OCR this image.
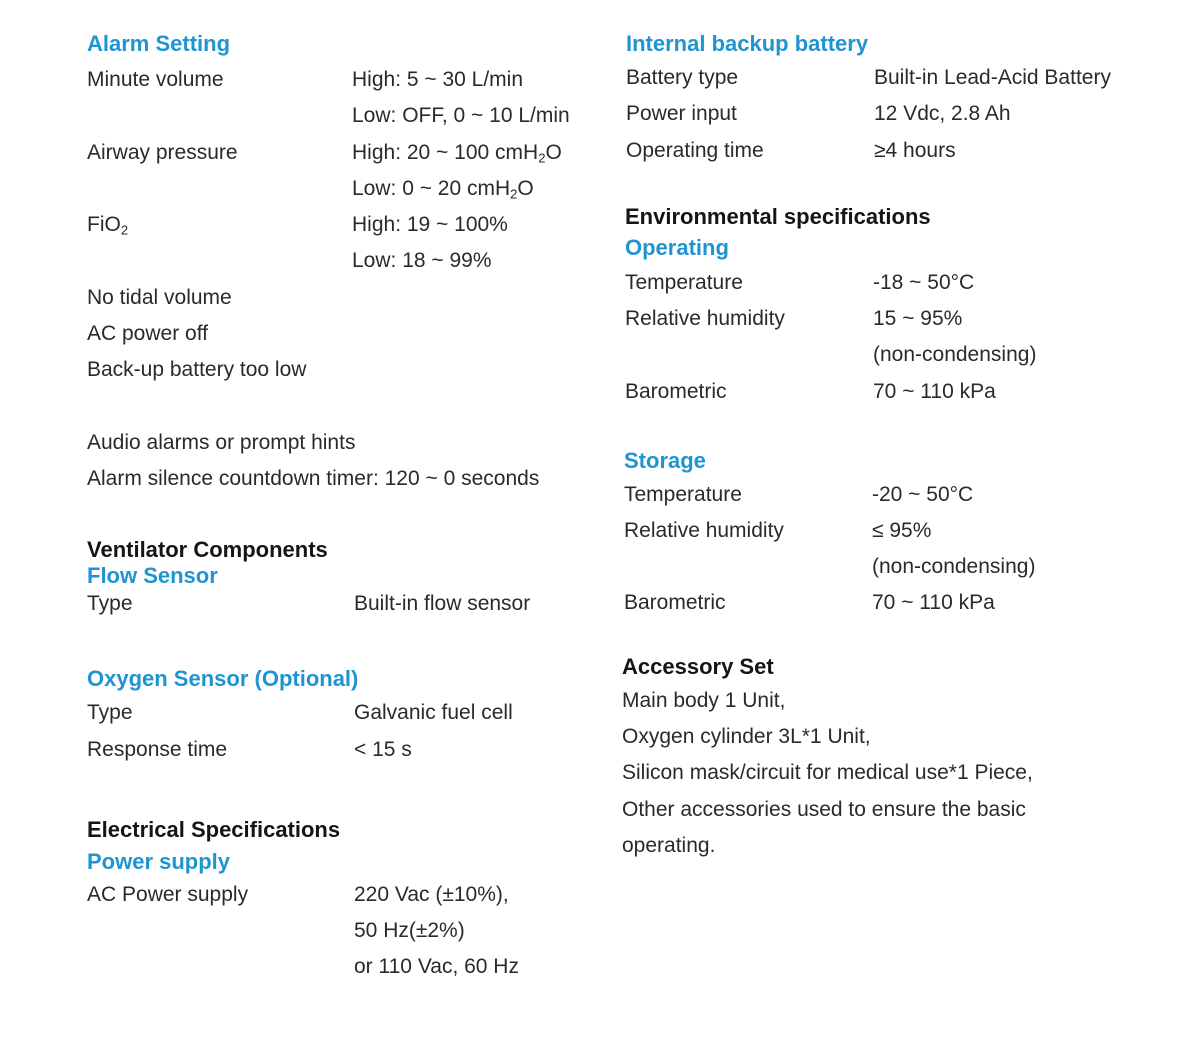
Alarm Setting
Minute volume	High: 5 ~ 30 L/min
Low: OFF, 0 ~ 10 L/min
Airway pressure	High: 20 ~ 100 cmH$_2$O
Low: 0 ~ 20 cmH$_2$O
FiO$_2$	High: 19 ~ 100%
Low: 18 ~ 99%
No tidal volume
AC power off
Back-up battery too low
Audio alarms or prompt hints
Alarm silence countdown timer: 120 ~ 0 seconds
Ventilator Components
Flow Sensor
Type	Built-in flow sensor
Oxygen Sensor (Optional)
Type	Galvanic fuel cell
Response time	< 15 s
Electrical Specifications
Power supply
AC Power supply	220 Vac (±10%),
50 Hz(±2%)
or 110 Vac, 60 Hz
Internal backup battery
Battery type	Built-in Lead-Acid Battery
Power input	12 Vdc, 2.8 Ah
Operating time	≥4 hours
Environmental specifications
Operating
Temperature	-18 ~ 50°C
Relative humidity	15 ~ 95%
(non-condensing)
Barometric	70 ~ 110 kPa
Storage
Temperature	-20 ~ 50°C
Relative humidity	≤ 95%
(non-condensing)
Barometric	70 ~ 110 kPa
Accessory Set
Main body 1 Unit,
Oxygen cylinder 3L*1 Unit,
Silicon mask/circuit for medical use*1 Piece,
Other accessories used to ensure the basic
operating.
